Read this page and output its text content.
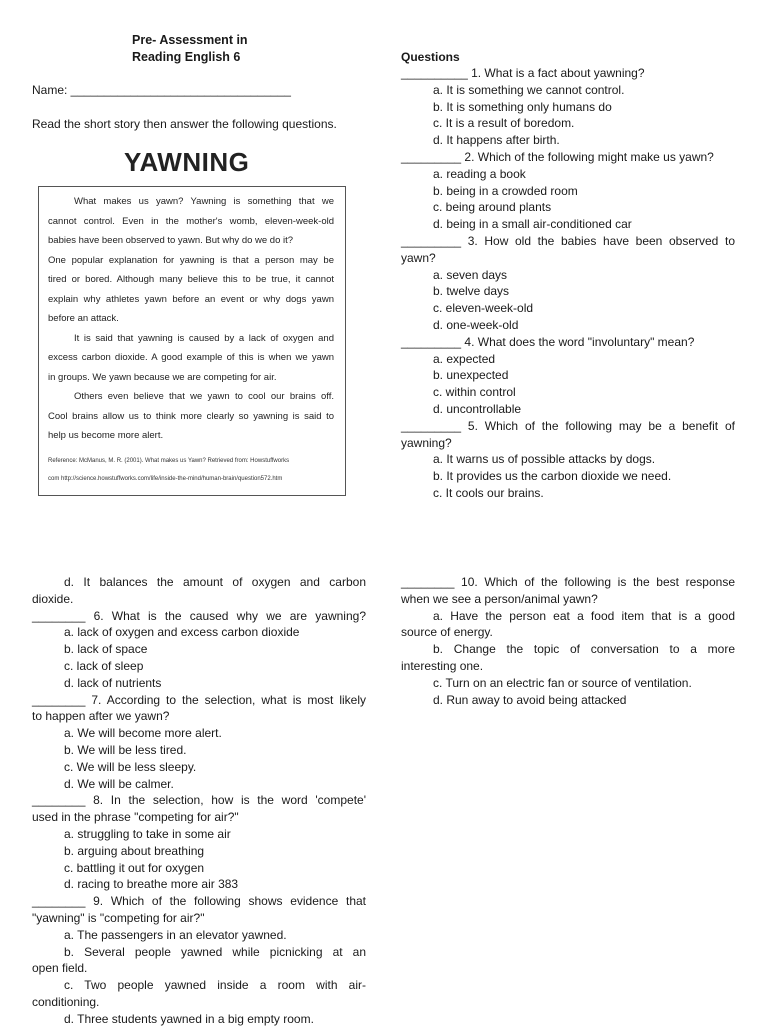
Pre- Assessment in
Reading English 6
Name: _________________________________
Read the short story then answer the following questions.
YAWNING
What makes us yawn? Yawning is something that we
cannot control. Even in the mother's womb, eleven-week-old
babies have been observed to yawn. But why do we do it?
One popular explanation for yawning is that a person may be
tired or bored. Although many believe this to be true, it cannot
explain why athletes yawn before an event or why dogs yawn
before an attack.
It is said that yawning is caused by a lack of oxygen and
excess carbon dioxide. A good example of this is when we yawn
in groups. We yawn because we are competing for air.
Others even believe that we yawn to cool our brains off.
Cool brains allow us to think more clearly so yawning is said to
help us become more alert.
Reference: McManus, M. R. (2001). What makes us Yawn? Retrieved from: Howstuffworks
com http://science.howstuffworks.com/life/inside-the-mind/human-brain/question572.htm
Questions
__________ 1. What is a fact about yawning?
a. It is something we cannot control.
b. It is something only humans do
c. It is a result of boredom.
d. It happens after birth.
_________ 2. Which of the following might make us yawn?
a. reading a book
b. being in a crowded room
c. being around plants
d. being in a small air-conditioned car
_________ 3. How old the babies have been observed to
yawn?
a. seven days
b. twelve days
c. eleven-week-old
d. one-week-old
_________ 4. What does the word "involuntary" mean?
a. expected
b. unexpected
c. within control
d. uncontrollable
_________ 5. Which of the following may be a benefit of
yawning?
a. It warns us of possible attacks by dogs.
b. It provides us the carbon dioxide we need.
c. It cools our brains.
d. It balances the amount of oxygen and carbon
dioxide.
________ 6. What is the caused why we are yawning?
a. lack of oxygen and excess carbon dioxide
b. lack of space
c. lack of sleep
d. lack of nutrients
________ 7. According to the selection, what is most likely
to happen after we yawn?
a. We will become more alert.
b. We will be less tired.
c. We will be less sleepy.
d. We will be calmer.
________ 8. In the selection, how is the word 'compete'
used in the phrase "competing for air?"
a. struggling to take in some air
b. arguing about breathing
c. battling it out for oxygen
d. racing to breathe more air 383
________ 9. Which of the following shows evidence that
"yawning" is "competing for air?"
a. The passengers in an elevator yawned.
b. Several people yawned while picnicking at an
open field.
c. Two people yawned inside a room with air-
conditioning.
d. Three students yawned in a big empty room.
________ 10. Which of the following is the best response
when we see a person/animal yawn?
a. Have the person eat a food item that is a good
source of energy.
b. Change the topic of conversation to a more
interesting one.
c. Turn on an electric fan or source of ventilation.
d. Run away to avoid being attacked
